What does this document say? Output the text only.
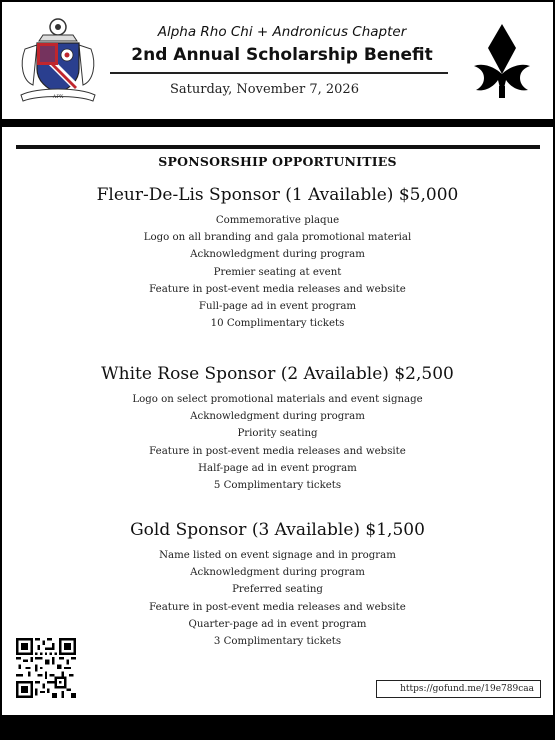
ΑΡΧ
Alpha Rho Chi + Andronicus Chapter
2nd Annual Scholarship Benefit
Saturday, November 7, 2026
SPONSORSHIP OPPORTUNITIES
Fleur-De-Lis Sponsor (1 Available) $5,000
Commemorative plaque
Logo on all branding and gala promotional material
Acknowledgment during program
Premier seating at event
Feature in post-event media releases and website
Full-page ad in event program
10 Complimentary tickets
White Rose Sponsor (2 Available) $2,500
Logo on select promotional materials and event signage
Acknowledgment during program
Priority seating
Feature in post-event media releases and website
Half-page ad in event program
5 Complimentary tickets
Gold Sponsor (3 Available) $1,500
Name listed on event signage and in program
Acknowledgment during program
Preferred seating
Feature in post-event media releases and website
Quarter-page ad in event program
3 Complimentary tickets
https://gofund.me/19e789caa
